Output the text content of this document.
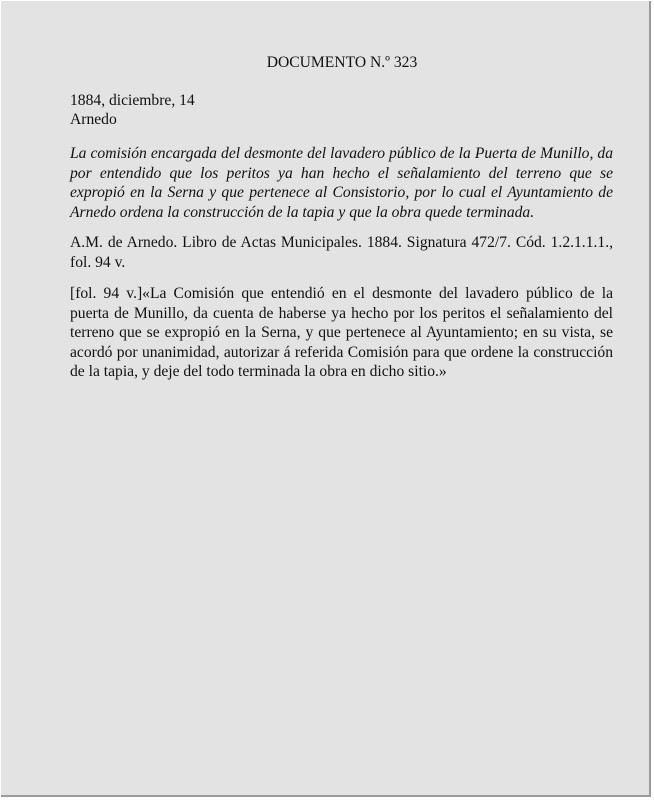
DOCUMENTO N.º 323

1884, diciembre, 14

Arnedo

La comisión encargada del desmonte del lavadero público de la Puerta de Munillo, da por entendido que los peritos ya han hecho el señalamiento del terreno que se expropió en la Serna y que pertenece al Consistorio, por lo cual el Ayuntamiento de Arnedo ordena la construcción de la tapia y que la obra quede terminada.

A.M. de Arnedo. Libro de Actas Municipales. 1884. Signatura 472/7. Cód. 1.2.1.1.1., fol. 94 v.

[fol. 94 v.]«La Comisión que entendió en el desmonte del lavadero público de la puerta de Munillo, da cuenta de haberse ya hecho por los peritos el señalamiento del terreno que se expropió en la Serna, y que pertenece al Ayuntamiento; en su vista, se acordó por unanimidad, autorizar á referida Comisión para que ordene la construcción de la tapia, y deje del todo terminada la obra en dicho sitio.»
